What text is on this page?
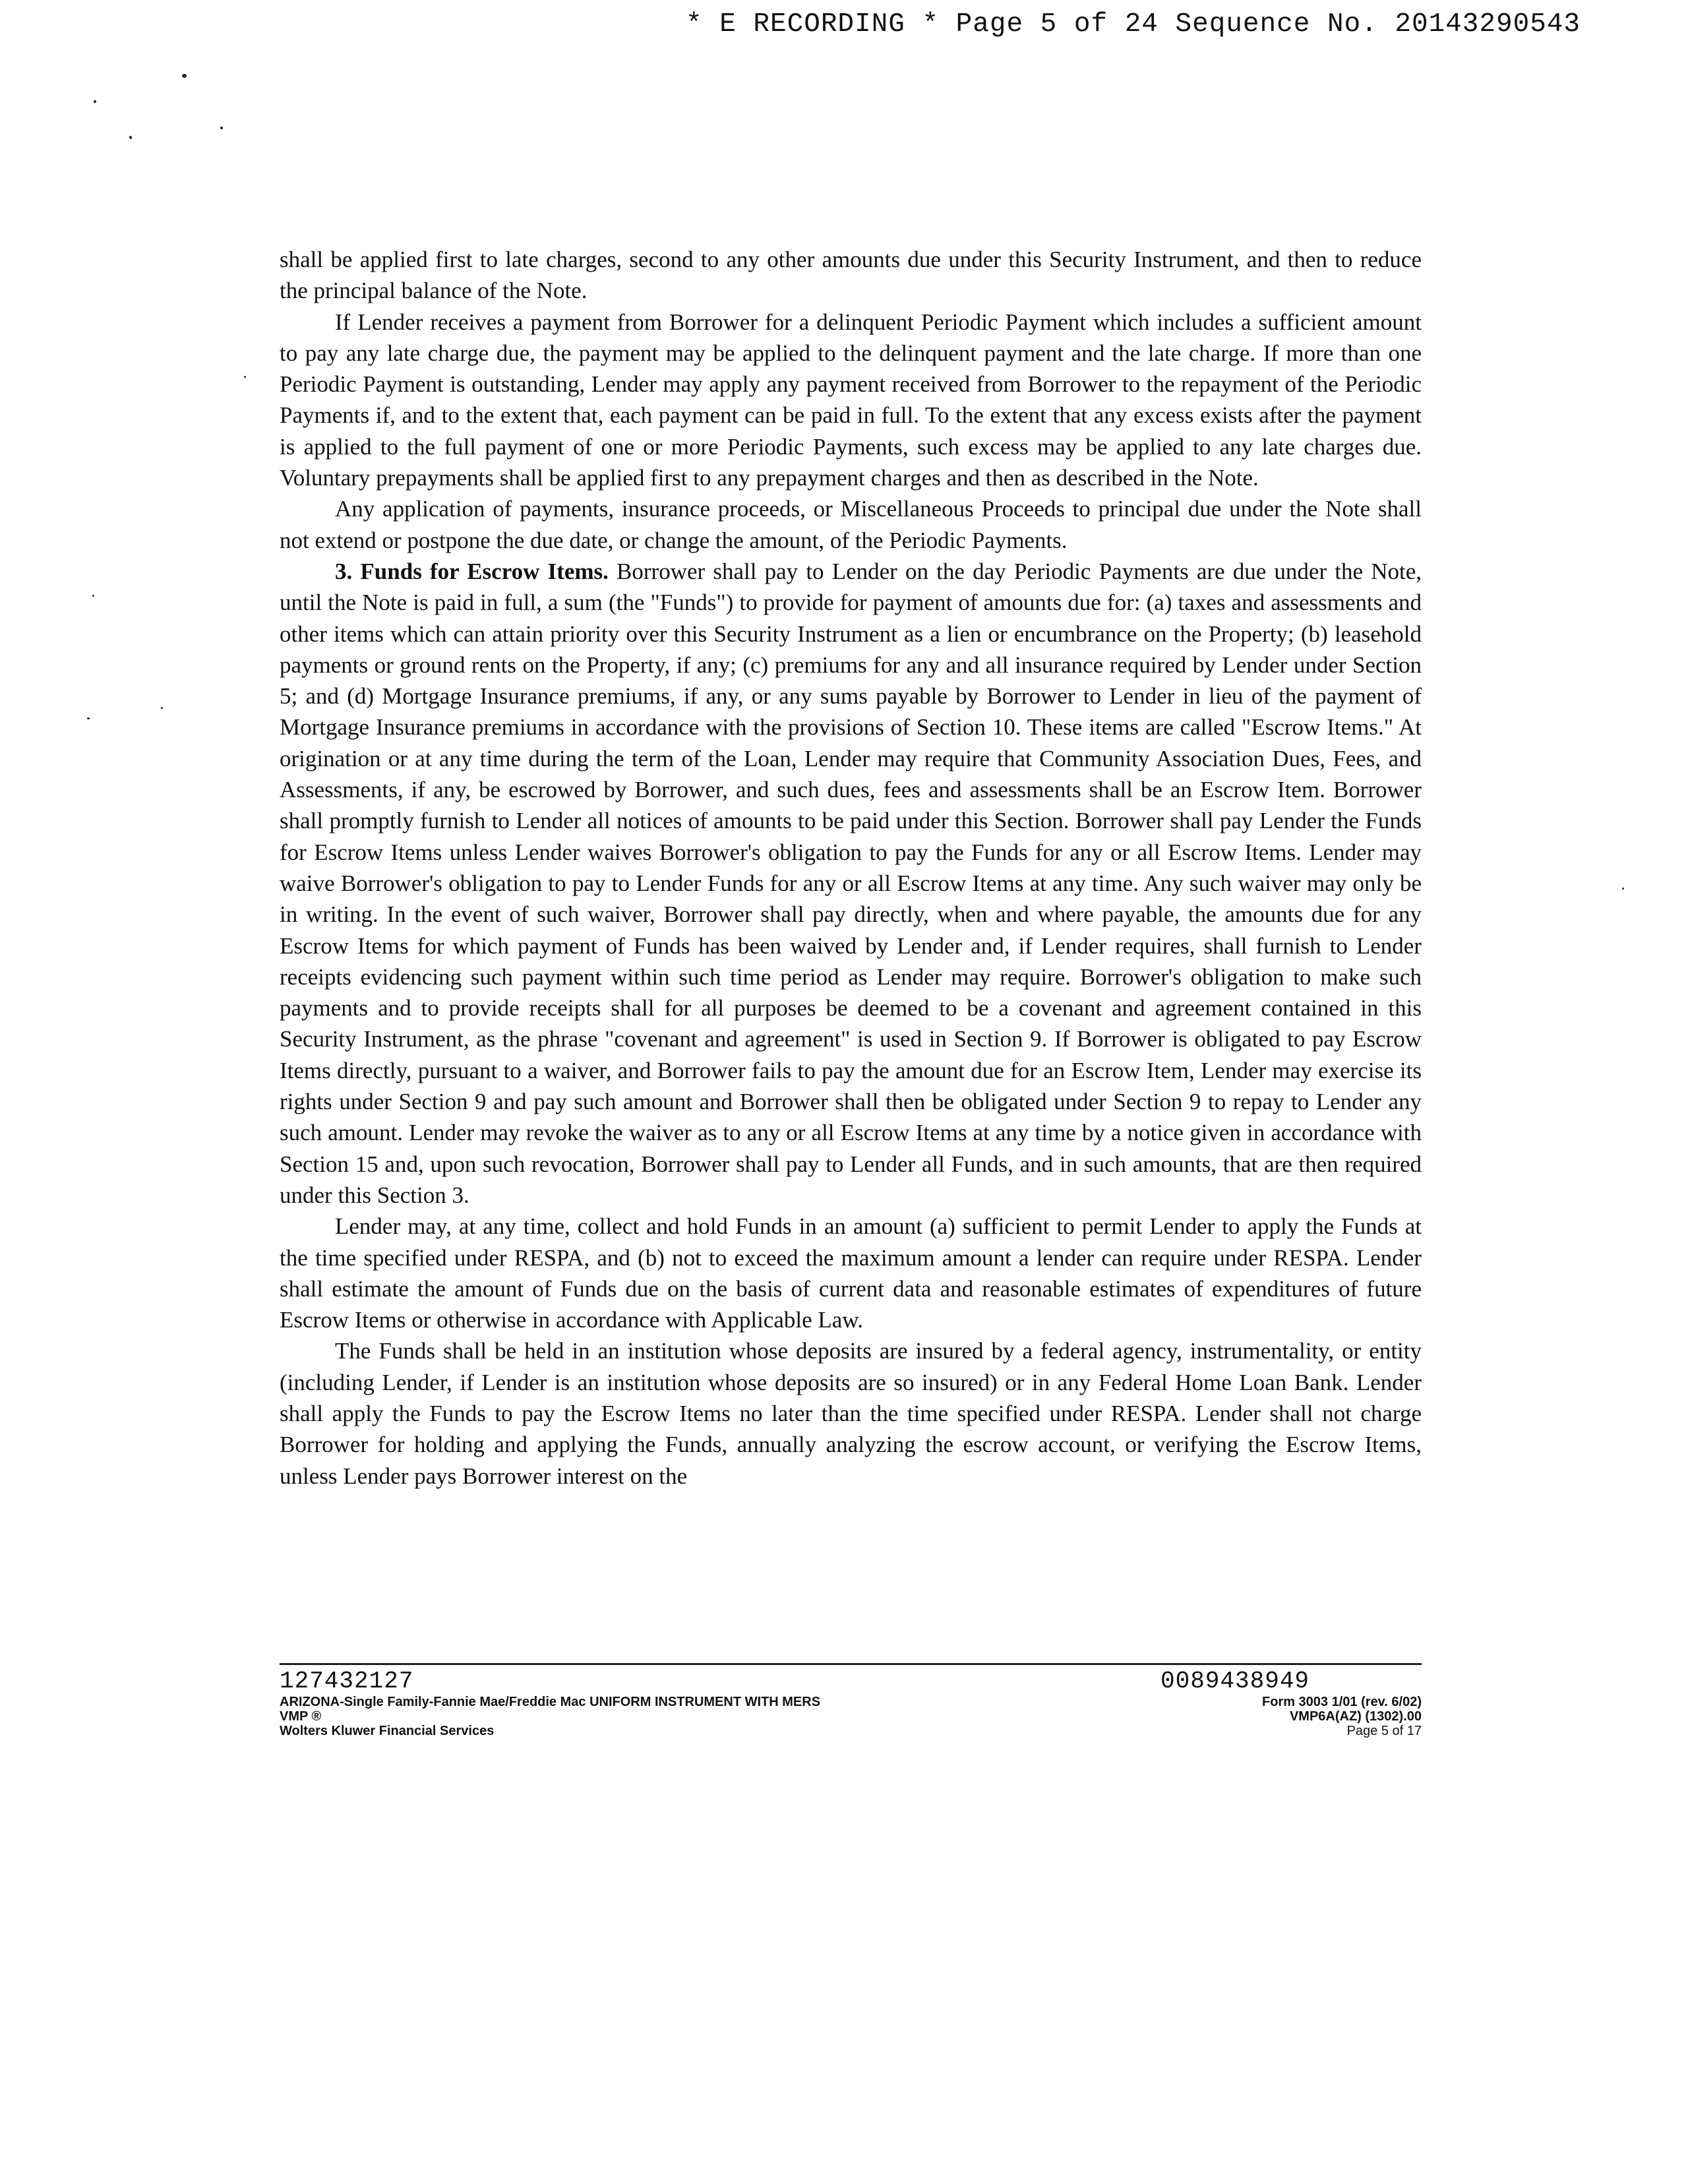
* E RECORDING * Page 5 of 24 Sequence No. 20143290543

shall be applied first to late charges, second to any other amounts due under this Security Instrument, and then to reduce the principal balance of the Note.

If Lender receives a payment from Borrower for a delinquent Periodic Payment which includes a sufficient amount to pay any late charge due, the payment may be applied to the delinquent payment and the late charge. If more than one Periodic Payment is outstanding, Lender may apply any payment received from Borrower to the repayment of the Periodic Payments if, and to the extent that, each payment can be paid in full. To the extent that any excess exists after the payment is applied to the full payment of one or more Periodic Payments, such excess may be applied to any late charges due. Voluntary prepayments shall be applied first to any prepayment charges and then as described in the Note.

Any application of payments, insurance proceeds, or Miscellaneous Proceeds to principal due under the Note shall not extend or postpone the due date, or change the amount, of the Periodic Payments.

3. Funds for Escrow Items. Borrower shall pay to Lender on the day Periodic Payments are due under the Note, until the Note is paid in full, a sum (the "Funds") to provide for payment of amounts due for: (a) taxes and assessments and other items which can attain priority over this Security Instrument as a lien or encumbrance on the Property; (b) leasehold payments or ground rents on the Property, if any; (c) premiums for any and all insurance required by Lender under Section 5; and (d) Mortgage Insurance premiums, if any, or any sums payable by Borrower to Lender in lieu of the payment of Mortgage Insurance premiums in accordance with the provisions of Section 10. These items are called "Escrow Items." At origination or at any time during the term of the Loan, Lender may require that Community Association Dues, Fees, and Assessments, if any, be escrowed by Borrower, and such dues, fees and assessments shall be an Escrow Item. Borrower shall promptly furnish to Lender all notices of amounts to be paid under this Section. Borrower shall pay Lender the Funds for Escrow Items unless Lender waives Borrower's obligation to pay the Funds for any or all Escrow Items. Lender may waive Borrower's obligation to pay to Lender Funds for any or all Escrow Items at any time. Any such waiver may only be in writing. In the event of such waiver, Borrower shall pay directly, when and where payable, the amounts due for any Escrow Items for which payment of Funds has been waived by Lender and, if Lender requires, shall furnish to Lender receipts evidencing such payment within such time period as Lender may require. Borrower's obligation to make such payments and to provide receipts shall for all purposes be deemed to be a covenant and agreement contained in this Security Instrument, as the phrase "covenant and agreement" is used in Section 9. If Borrower is obligated to pay Escrow Items directly, pursuant to a waiver, and Borrower fails to pay the amount due for an Escrow Item, Lender may exercise its rights under Section 9 and pay such amount and Borrower shall then be obligated under Section 9 to repay to Lender any such amount. Lender may revoke the waiver as to any or all Escrow Items at any time by a notice given in accordance with Section 15 and, upon such revocation, Borrower shall pay to Lender all Funds, and in such amounts, that are then required under this Section 3.

Lender may, at any time, collect and hold Funds in an amount (a) sufficient to permit Lender to apply the Funds at the time specified under RESPA, and (b) not to exceed the maximum amount a lender can require under RESPA. Lender shall estimate the amount of Funds due on the basis of current data and reasonable estimates of expenditures of future Escrow Items or otherwise in accordance with Applicable Law.

The Funds shall be held in an institution whose deposits are insured by a federal agency, instrumentality, or entity (including Lender, if Lender is an institution whose deposits are so insured) or in any Federal Home Loan Bank. Lender shall apply the Funds to pay the Escrow Items no later than the time specified under RESPA. Lender shall not charge Borrower for holding and applying the Funds, annually analyzing the escrow account, or verifying the Escrow Items, unless Lender pays Borrower interest on the

127432127
ARIZONA-Single Family-Fannie Mae/Freddie Mac UNIFORM INSTRUMENT WITH MERS
VMP ®
Wolters Kluwer Financial Services
0089438949
Form 3003 1/01 (rev. 6/02)
VMP6A(AZ) (1302).00
Page 5 of 17
